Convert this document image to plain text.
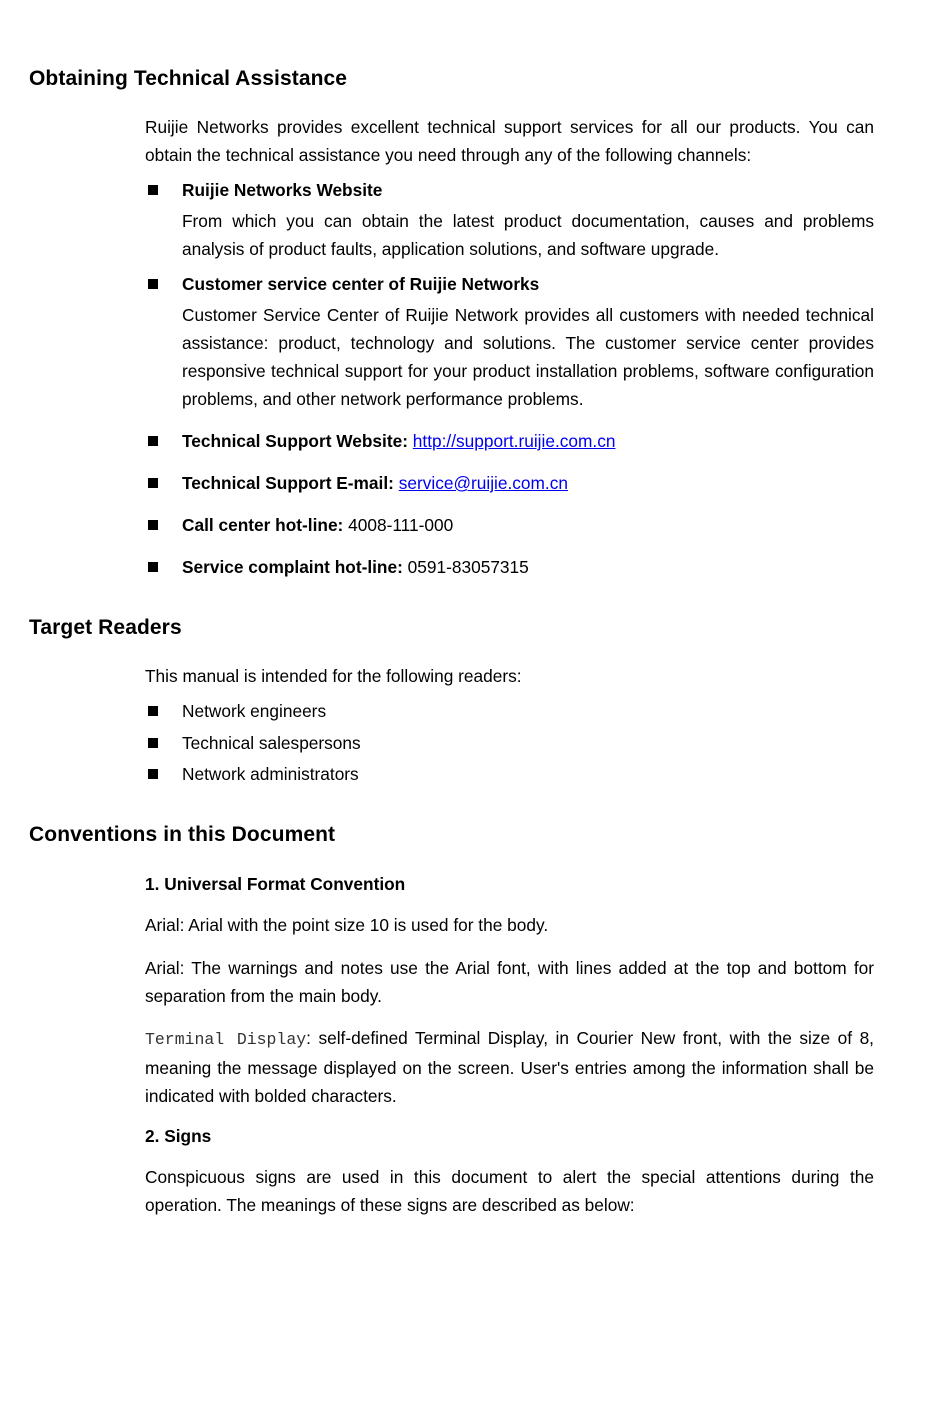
Obtaining Technical Assistance

Ruijie Networks provides excellent technical support services for all our products. You can obtain the technical assistance you need through any of the following channels:

Ruijie Networks Website

From which you can obtain the latest product documentation, causes and problems analysis of product faults, application solutions, and software upgrade.

Customer service center of Ruijie Networks

Customer Service Center of Ruijie Network provides all customers with needed technical assistance: product, technology and solutions. The customer service center provides responsive technical support for your product installation problems, software configuration problems, and other network performance problems.

Technical Support Website: http://support.ruijie.com.cn
Technical Support E-mail: service@ruijie.com.cn
Call center hot-line: 4008-111-000
Service complaint hot-line: 0591-83057315
Target Readers

This manual is intended for the following readers:

Network engineers
Technical salespersons
Network administrators
Conventions in this Document

1. Universal Format Convention

Arial: Arial with the point size 10 is used for the body.

Arial: The warnings and notes use the Arial font, with lines added at the top and bottom for separation from the main body.

Terminal Display: self-defined Terminal Display, in Courier New front, with the size of 8, meaning the message displayed on the screen. User's entries among the information shall be indicated with bolded characters.

2. Signs

Conspicuous signs are used in this document to alert the special attentions during the operation. The meanings of these signs are described as below:
